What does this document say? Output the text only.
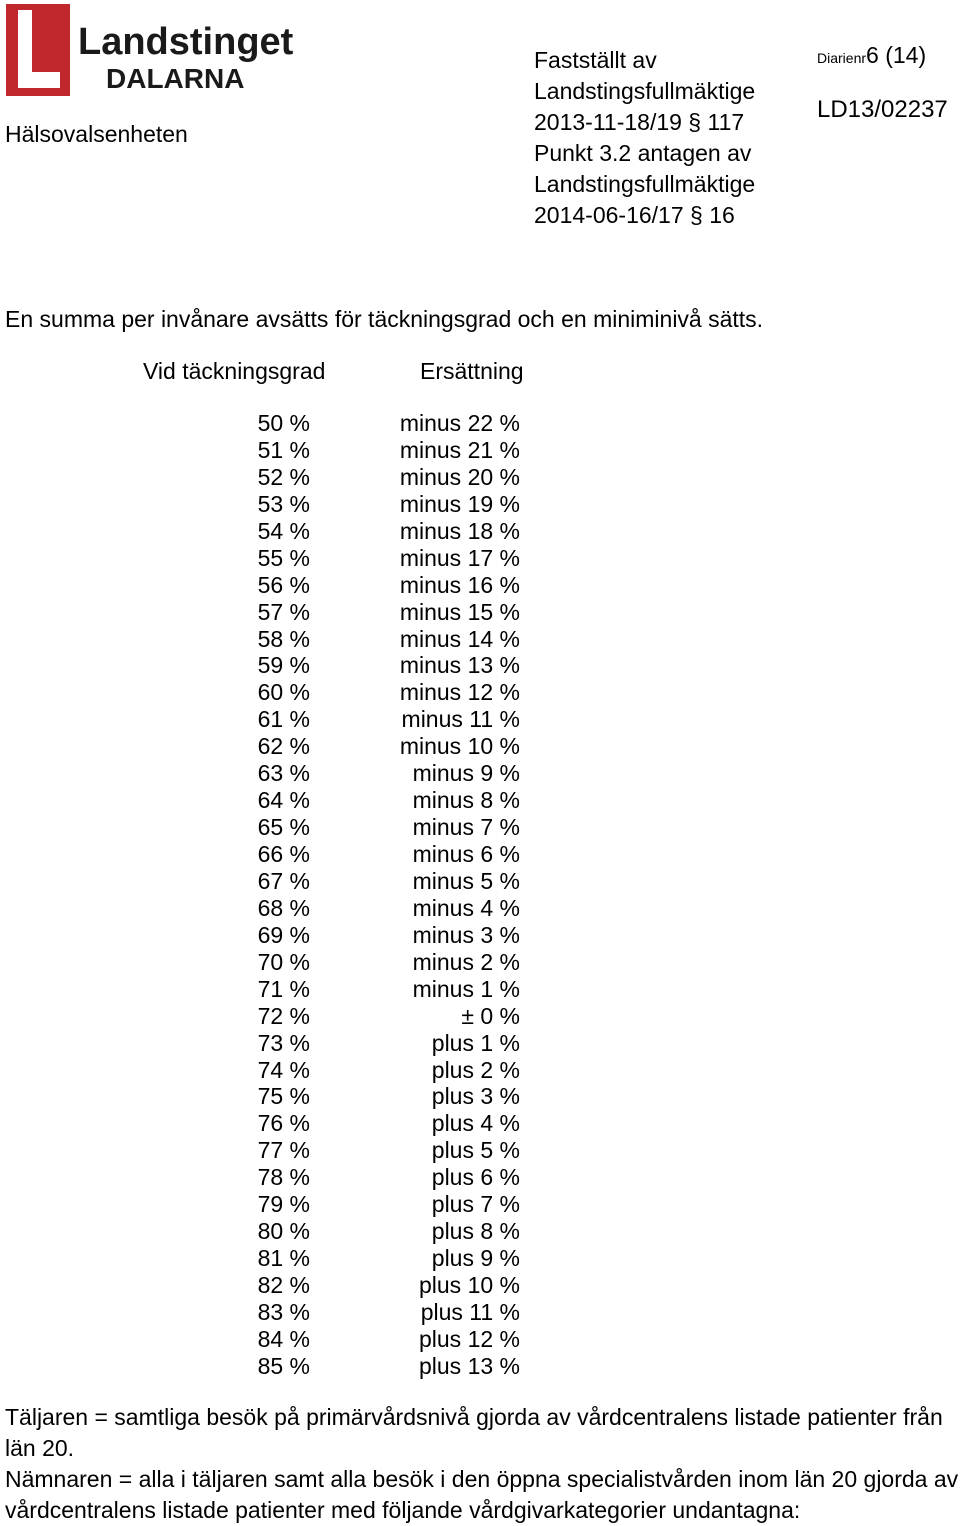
Landstinget
DALARNA
Hälsovalsenheten
Fastställt av
Landstingsfullmäktige
2013-11-18/19 § 117
Punkt 3.2 antagen av
Landstingsfullmäktige
2014-06-16/17 § 16
Diarienr6 (14)
LD13/02237
En summa per invånare avsätts för täckningsgrad och en miniminivå sätts.
Vid täckningsgrad	Ersättning
50 %	minus 22 %
51 %	minus 21 %
52 %	minus 20 %
53 %	minus 19 %
54 %	minus 18 %
55 %	minus 17 %
56 %	minus 16 %
57 %	minus 15 %
58 %	minus 14 %
59 %	minus 13 %
60 %	minus 12 %
61 %	minus 11 %
62 %	minus 10 %
63 %	minus 9 %
64 %	minus 8 %
65 %	minus 7 %
66 %	minus 6 %
67 %	minus 5 %
68 %	minus 4 %
69 %	minus 3 %
70 %	minus 2 %
71 %	minus 1 %
72 %	± 0 %
73 %	plus 1 %
74 %	plus 2 %
75 %	plus 3 %
76 %	plus 4 %
77 %	plus 5 %
78 %	plus 6 %
79 %	plus 7 %
80 %	plus 8 %
81 %	plus 9 %
82 %	plus 10 %
83 %	plus 11 %
84 %	plus 12 %
85 %	plus 13 %
Täljaren = samtliga besök på primärvårdsnivå gjorda av vårdcentralens listade patienter från län 20.
Nämnaren = alla i täljaren samt alla besök i den öppna specialistvården inom län 20 gjorda av vårdcentralens listade patienter med följande vårdgivarkategorier undantagna:
